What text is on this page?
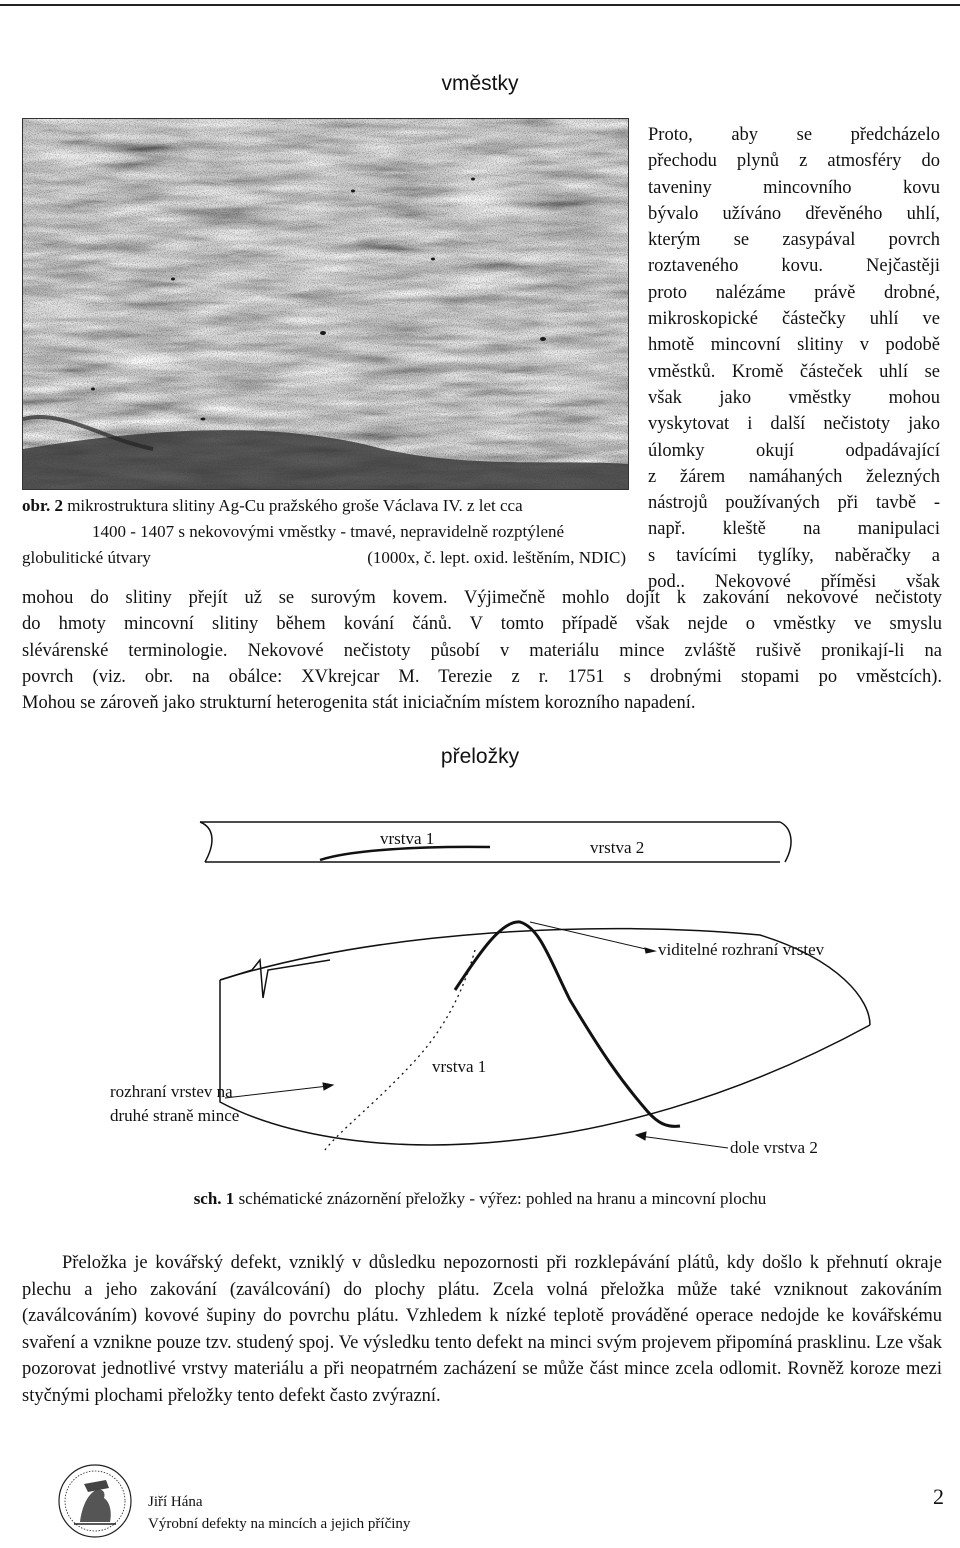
vměstky

obr. 2 mikrostruktura slitiny Ag-Cu pražského groše Václava IV. z let cca

1400 - 1407 s nekovovými vměstky - tmavé, nepravidelně rozptýlené

globulitické útvary	(1000x, č. lept. oxid. leštěním, NDIC)

Proto, aby se předcházelo
přechodu plynů z atmosféry do
taveniny mincovního kovu
bývalo užíváno dřevěného uhlí,
kterým se zasypával povrch
roztaveného kovu. Nejčastěji
proto nalézáme právě drobné,
mikroskopické částečky uhlí ve
hmotě mincovní slitiny v podobě
vměstků. Kromě částeček uhlí se
však jako vměstky mohou
vyskytovat i další nečistoty jako
úlomky okují odpadávající
z žárem namáhaných železných
nástrojů používaných při tavbě -
např. kleště na manipulaci
s tavícími tyglíky, naběračky a
pod.. Nekovové příměsi však
mohou do slitiny přejít už se surovým kovem. Výjimečně mohlo dojít k zakování nekovové nečistoty
do hmoty mincovní slitiny během kování čánů. V tomto případě však nejde o vměstky ve smyslu
slévárenské terminologie. Nekovové nečistoty působí v materiálu mince zvláště rušivě pronikají-li na
povrch (viz. obr. na obálce: XVkrejcar M. Terezie z r. 1751 s drobnými stopami po vměstcích).
Mohou se zároveň jako strukturní heterogenita stát iniciačním místem korozního napadení.
přeložky
vrstva 1	vrstva 2
viditelné rozhraní vrstev
vrstva 1
rozhraní vrstev na
druhé straně mince
dole vrstva 2
sch. 1 schématické znázornění přeložky - výřez: pohled na hranu a mincovní plochu
Přeložka je kovářský defekt, vzniklý v důsledku nepozornosti při rozklepávání plátů, kdy došlo k přehnutí okraje plechu a jeho zakování (zaválcování) do plochy plátu. Zcela volná přeložka může také vzniknout zakováním (zaválcováním) kovové šupiny do povrchu plátu. Vzhledem k nízké teplotě prováděné operace nedojde ke kovářskému svaření a vznikne pouze tzv. studený spoj. Ve výsledku tento defekt na minci svým projevem připomíná prasklinu. Lze však pozorovat jednotlivé vrstvy materiálu a při neopatrném zacházení se může část mince zcela odlomit. Rovněž koroze mezi styčnými plochami přeložky tento defekt často zvýrazní.
Jiří Hána
Výrobní defekty na mincích a jejich příčiny
2
